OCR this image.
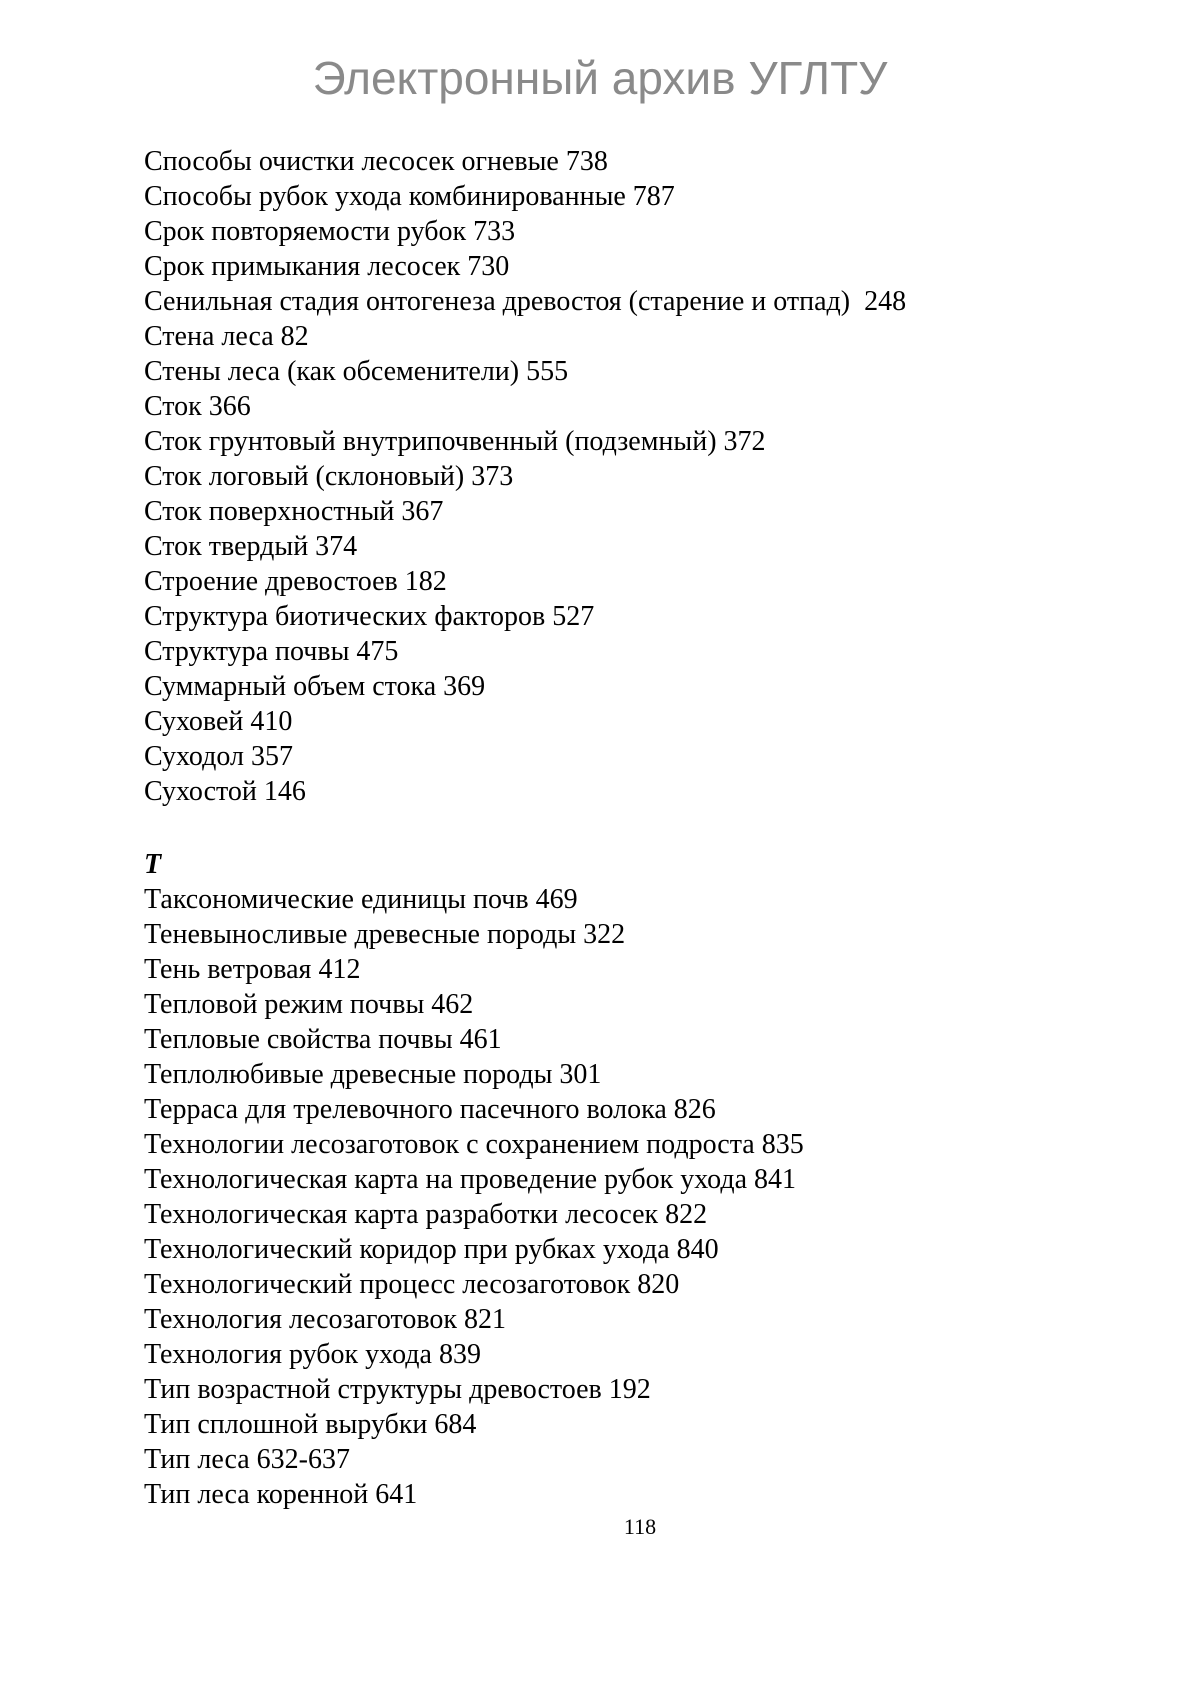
Электронный архив УГЛТУ
Способы очистки лесосек огневые 738
Способы рубок ухода комбинированные 787
Срок повторяемости рубок 733
Срок примыкания лесосек 730
Сенильная стадия онтогенеза древостоя (старение и отпад)  248
Стена леса 82
Стены леса (как обсеменители) 555
Сток 366
Сток грунтовый внутрипочвенный (подземный) 372
Сток логовый (склоновый) 373
Сток поверхностный 367
Сток твердый 374
Строение древостоев 182
Структура биотических факторов 527
Структура почвы 475
Суммарный объем стока 369
Суховей 410
Суходол 357
Сухостой 146
Т
Таксономические единицы почв 469
Теневыносливые древесные породы 322
Тень ветровая 412
Тепловой режим почвы 462
Тепловые свойства почвы 461
Теплолюбивые древесные породы 301
Терраса для трелевочного пасечного волока 826
Технологии лесозаготовок с сохранением подроста 835
Технологическая карта на проведение рубок ухода 841
Технологическая карта разработки лесосек 822
Технологический коридор при рубках ухода 840
Технологический процесс лесозаготовок 820
Технология лесозаготовок 821
Технология рубок ухода 839
Тип возрастной структуры древостоев 192
Тип сплошной вырубки 684
Тип леса 632-637
Тип леса коренной 641
118
